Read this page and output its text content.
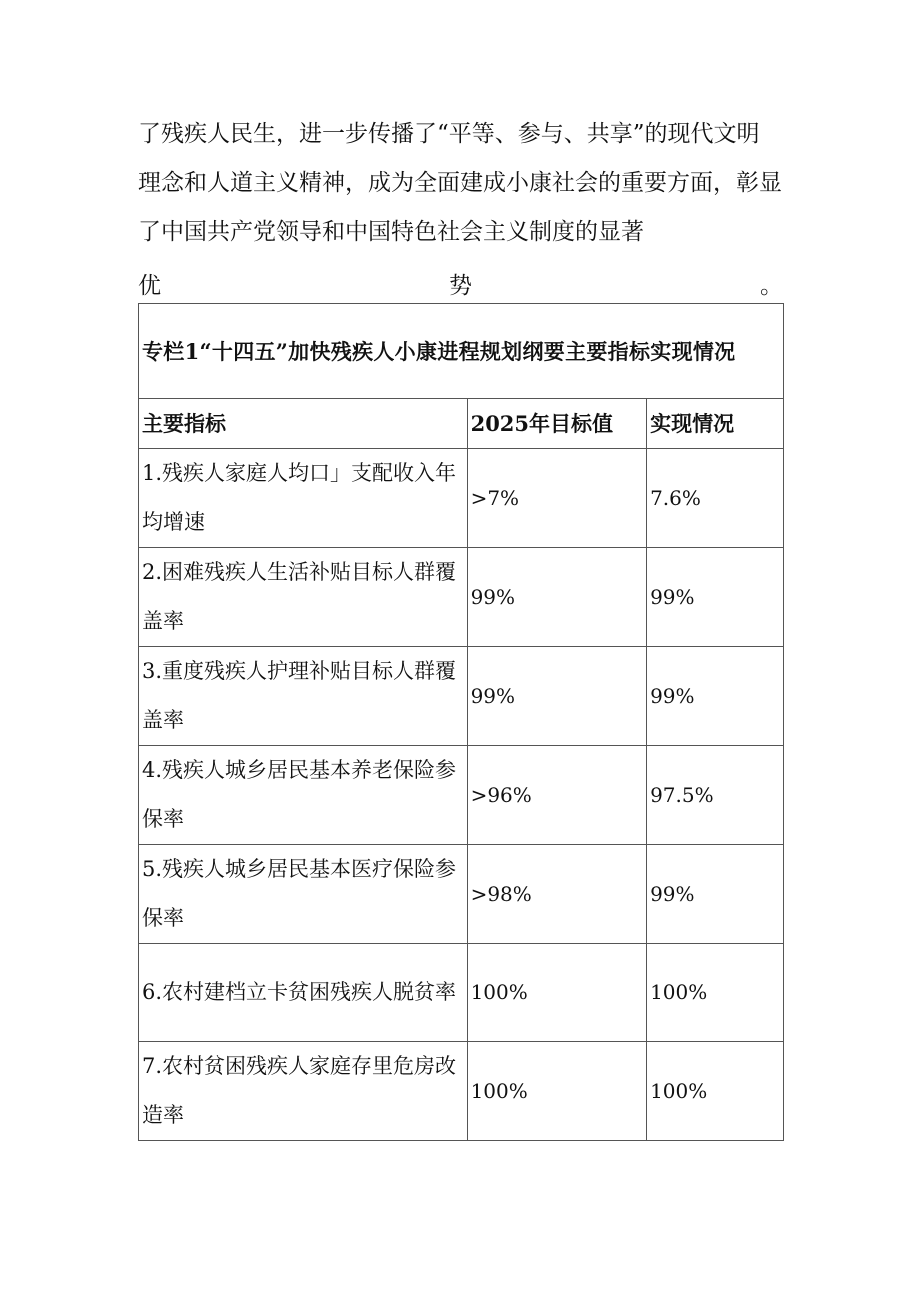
了残疾人民生，进一步传播了“平等、参与、共享”的现代文明
理念和人道主义精神，成为全面建成小康社会的重要方面，彰显
了中国共产党领导和中国特色社会主义制度的显著
优	势	。
专栏1“十四五”加快残疾人小康进程规划纲要主要指标实现情况		
主要指标	2025年目标值	实现情况
1.残疾人家庭人均口」支配收入年均增速	>7%	7.6%
2.困难残疾人生活补贴目标人群覆盖率	99%	99%
3.重度残疾人护理补贴目标人群覆盖率	99%	99%
4.残疾人城乡居民基本养老保险参保率	>96%	97.5%
5.残疾人城乡居民基本医疗保险参保率	>98%	99%
6.农村建档立卡贫困残疾人脱贫率	100%	100%
7.农村贫困残疾人家庭存里危房改造率	100%	100%
